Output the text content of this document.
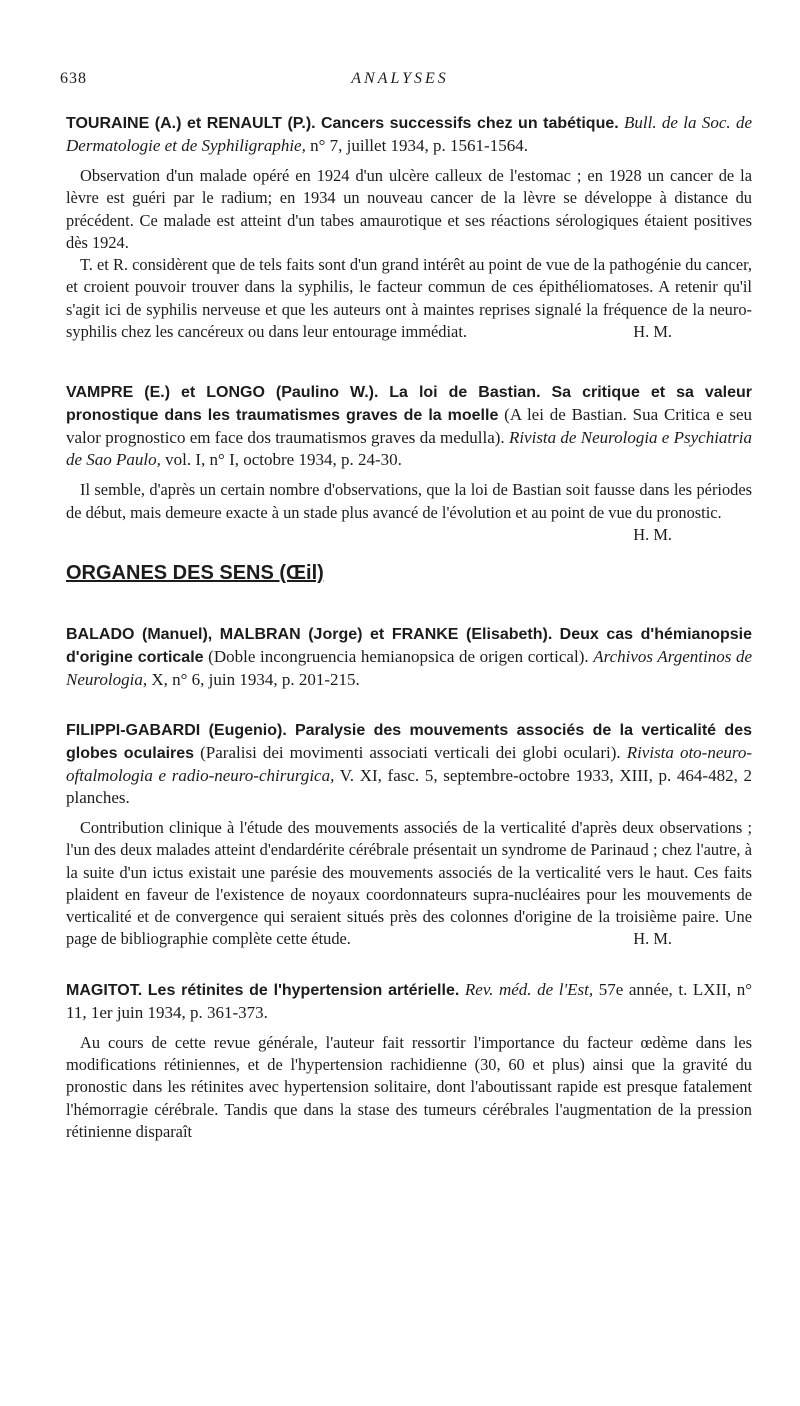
638	ANALYSES

TOURAINE (A.) et RENAULT (P.). Cancers successifs chez un tabétique. Bull. de la Soc. de Dermatologie et de Syphiligraphie, n° 7, juillet 1934, p. 1561-1564.

Observation d'un malade opéré en 1924 d'un ulcère calleux de l'estomac ; en 1928 un cancer de la lèvre est guéri par le radium; en 1934 un nouveau cancer de la lèvre se développe à distance du précédent. Ce malade est atteint d'un tabes amaurotique et ses réactions sérologiques étaient positives dès 1924.

T. et R. considèrent que de tels faits sont d'un grand intérêt au point de vue de la pathogénie du cancer, et croient pouvoir trouver dans la syphilis, le facteur commun de ces épithéliomatoses. A retenir qu'il s'agit ici de syphilis nerveuse et que les auteurs ont à maintes reprises signalé la fréquence de la neuro-syphilis chez les cancéreux ou dans leur entourage immédiat.	H. M.

VAMPRE (E.) et LONGO (Paulino W.). La loi de Bastian. Sa critique et sa valeur pronostique dans les traumatismes graves de la moelle (A lei de Bastian. Sua Critica e seu valor prognostico em face dos traumatismos graves da medulla). Rivista de Neurologia e Psychiatria de Sao Paulo, vol. I, n° I, octobre 1934, p. 24-30.

Il semble, d'après un certain nombre d'observations, que la loi de Bastian soit fausse dans les périodes de début, mais demeure exacte à un stade plus avancé de l'évolution et au point de vue du pronostic.
H. M.

ORGANES DES SENS (Œil)

BALADO (Manuel), MALBRAN (Jorge) et FRANKE (Elisabeth). Deux cas d'hémianopsie d'origine corticale (Doble incongruencia hemianopsica de origen cortical). Archivos Argentinos de Neurologia, X, n° 6, juin 1934, p. 201-215.

FILIPPI-GABARDI (Eugenio). Paralysie des mouvements associés de la verticalité des globes oculaires (Paralisi dei movimenti associati verticali dei globi oculari). Rivista oto-neuro-oftalmologia e radio-neuro-chirurgica, V. XI, fasc. 5, septembre-octobre 1933, XIII, p. 464-482, 2 planches.

Contribution clinique à l'étude des mouvements associés de la verticalité d'après deux observations ; l'un des deux malades atteint d'endardérite cérébrale présentait un syndrome de Parinaud ; chez l'autre, à la suite d'un ictus existait une parésie des mouvements associés de la verticalité vers le haut. Ces faits plaident en faveur de l'existence de noyaux coordonnateurs supra-nucléaires pour les mouvements de verticalité et de convergence qui seraient situés près des colonnes d'origine de la troisième paire. Une page de bibliographie complète cette étude.	H. M.

MAGITOT. Les rétinites de l'hypertension artérielle. Rev. méd. de l'Est, 57e année, t. LXII, n° 11, 1er juin 1934, p. 361-373.

Au cours de cette revue générale, l'auteur fait ressortir l'importance du facteur œdème dans les modifications rétiniennes, et de l'hypertension rachidienne (30, 60 et plus) ainsi que la gravité du pronostic dans les rétinites avec hypertension solitaire, dont l'aboutissant rapide est presque fatalement l'hémorragie cérébrale. Tandis que dans la stase des tumeurs cérébrales l'augmentation de la pression rétinienne disparaît
